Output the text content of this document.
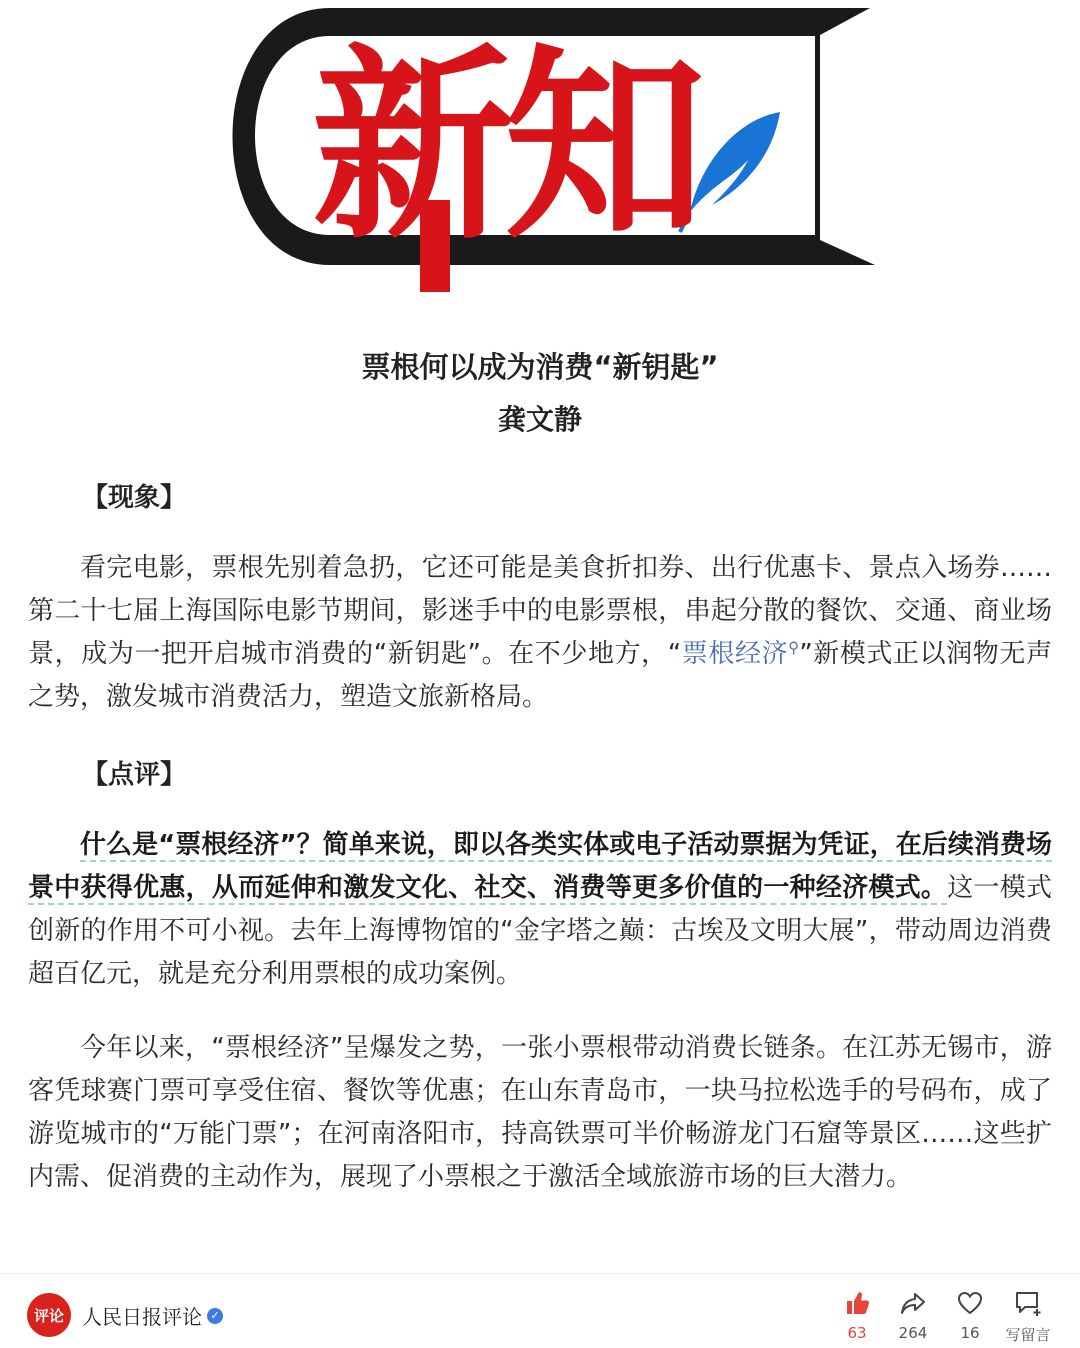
新知
票根何以成为消费“新钥匙”
龚文静
【现象】

看完电影，票根先别着急扔，它还可能是美食折扣券、出行优惠卡、景点入场券……第二十七届上海国际电影节期间，影迷手中的电影票根，串起分散的餐饮、交通、商业场景，成为一把开启城市消费的“新钥匙”。在不少地方，“票根经济⚲”新模式正以润物无声之势，激发城市消费活力，塑造文旅新格局。

【点评】

什么是“票根经济”？简单来说，即以各类实体或电子活动票据为凭证，在后续消费场景中获得优惠，从而延伸和激发文化、社交、消费等更多价值的一种经济模式。这一模式创新的作用不可小视。去年上海博物馆的“金字塔之巅：古埃及文明大展”，带动周边消费超百亿元，就是充分利用票根的成功案例。

今年以来，“票根经济”呈爆发之势，一张小票根带动消费长链条。在江苏无锡市，游客凭球赛门票可享受住宿、餐饮等优惠；在山东青岛市，一块马拉松选手的号码布，成了游览城市的“万能门票”；在河南洛阳市，持高铁票可半价畅游龙门石窟等景区……这些扩内需、促消费的主动作为，展现了小票根之于激活全域旅游市场的巨大潜力。

评论 人民日报评论 ✓
63	264	16	写留言
